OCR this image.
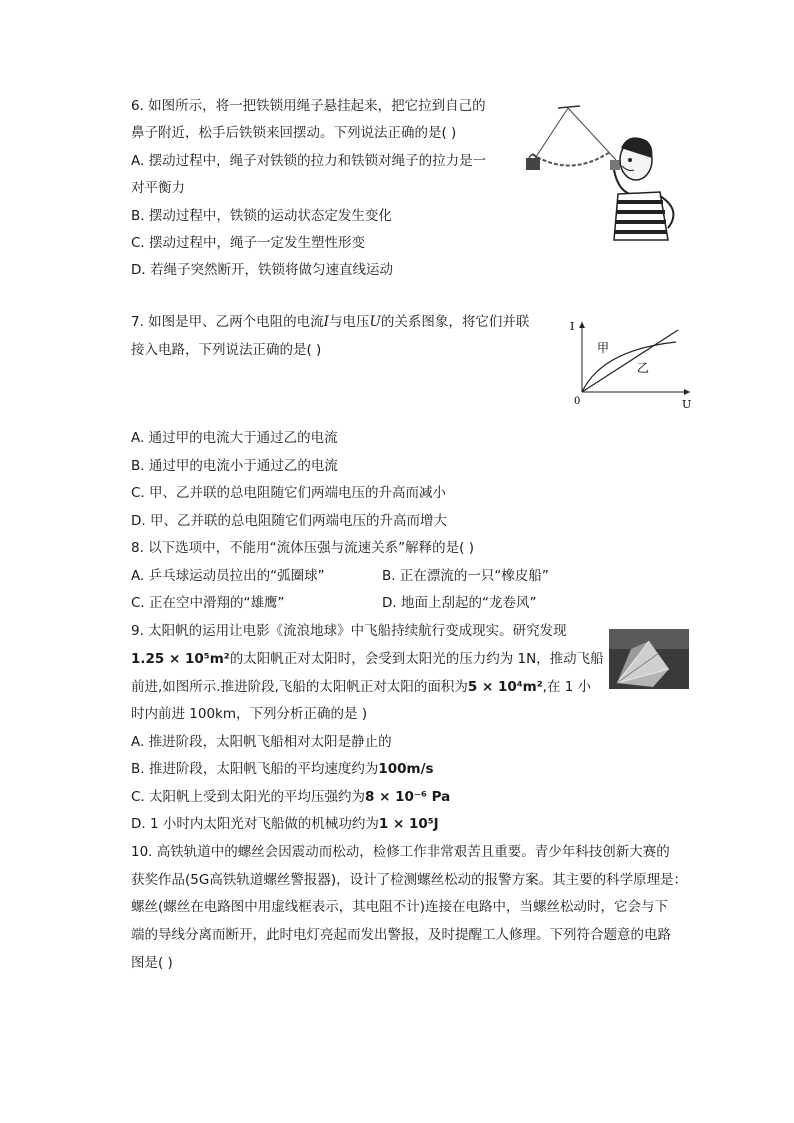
6. 如图所示，将一把铁锁用绳子悬挂起来，把它拉到自己的
鼻子附近，松手后铁锁来回摆动。下列说法正确的是( )
A. 摆动过程中，绳子对铁锁的拉力和铁锁对绳子的拉力是一
对平衡力
B. 摆动过程中，铁锁的运动状态定发生变化
C. 摆动过程中，绳子一定发生塑性形变
D. 若绳子突然断开，铁锁将做匀速直线运动
7. 如图是甲、乙两个电阻的电流I与电压U的关系图象，将它们并联
接入电路，下列说法正确的是( )
I
U
0
甲
乙
A. 通过甲的电流大于通过乙的电流
B. 通过甲的电流小于通过乙的电流
C. 甲、乙并联的总电阻随它们两端电压的升高而减小
D. 甲、乙并联的总电阻随它们两端电压的升高而增大
8. 以下选项中，不能用“流体压强与流速关系”解释的是( )
A. 乒乓球运动员拉出的“弧圈球”	B. 正在漂流的一只“橡皮船”
C. 正在空中滑翔的“雄鹰”	D. 地面上刮起的“龙卷风”
9. 太阳帆的运用让电影《流浪地球》中飞船持续航行变成现实。研究发现
1.25 × 10⁵m²的太阳帆正对太阳时，会受到太阳光的压力约为 1N，推动飞船
前进,如图所示.推进阶段,飞船的太阳帆正对太阳的面积为5 × 10⁴m²,在 1 小
时内前进 100km，下列分析正确的是 )
A. 推进阶段，太阳帆飞船相对太阳是静止的
B. 推进阶段，太阳帆飞船的平均速度约为100m/s
C. 太阳帆上受到太阳光的平均压强约为8 × 10⁻⁶ Pa
D. 1 小时内太阳光对飞船做的机械功约为1 × 10⁵J
10. 高铁轨道中的螺丝会因震动而松动，检修工作非常艰苦且重要。青少年科技创新大赛的
获奖作品(5G高铁轨道螺丝警报器)，设计了检测螺丝松动的报警方案。其主要的科学原理是：
螺丝(螺丝在电路图中用虚线框表示，其电阻不计)连接在电路中，当螺丝松动时，它会与下
端的导线分离而断开，此时电灯亮起而发出警报，及时提醒工人修理。下列符合题意的电路
图是( )
